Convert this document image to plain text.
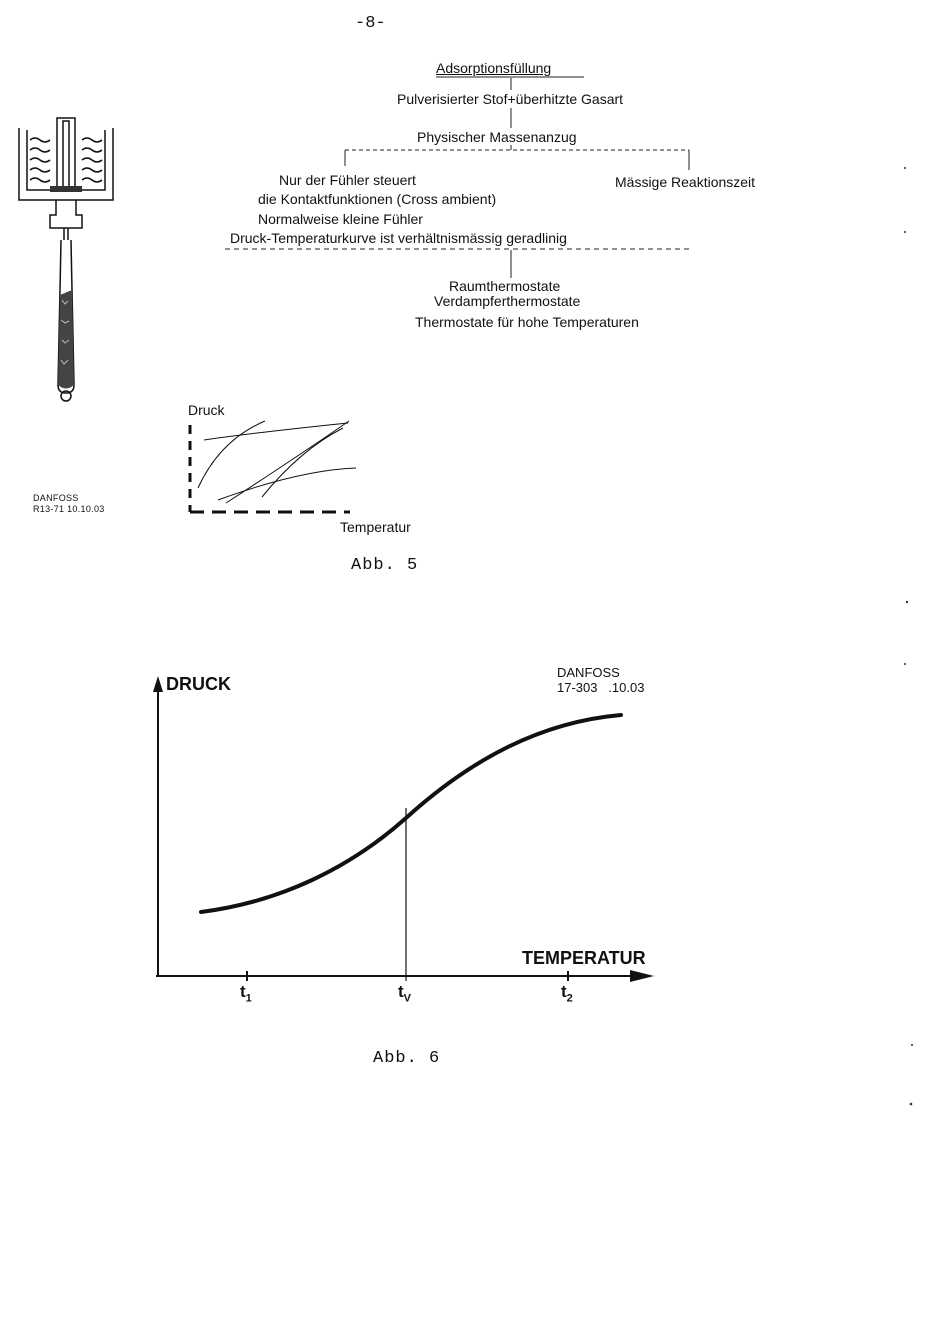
-8-
Adsorptionsfüllung
Pulverisierter Stof+überhitzte Gasart
Physischer Massenanzug
Nur der Fühler steuert
die Kontaktfunktionen (Cross ambient)
Normalweise kleine Fühler
Druck-Temperaturkurve ist verhältnismässig geradlinig
Mässige Reaktionszeit
Raumthermostate
Verdampferthermostate
Thermostate für hohe Temperaturen
DANFOSS
R13-71 10.10.03
Druck
Temperatur
Abb. 5
DANFOSS
17-303   .10.03
DRUCK
TEMPERATUR
$t_1$	$t_V$	$t_2$
Abb. 6
